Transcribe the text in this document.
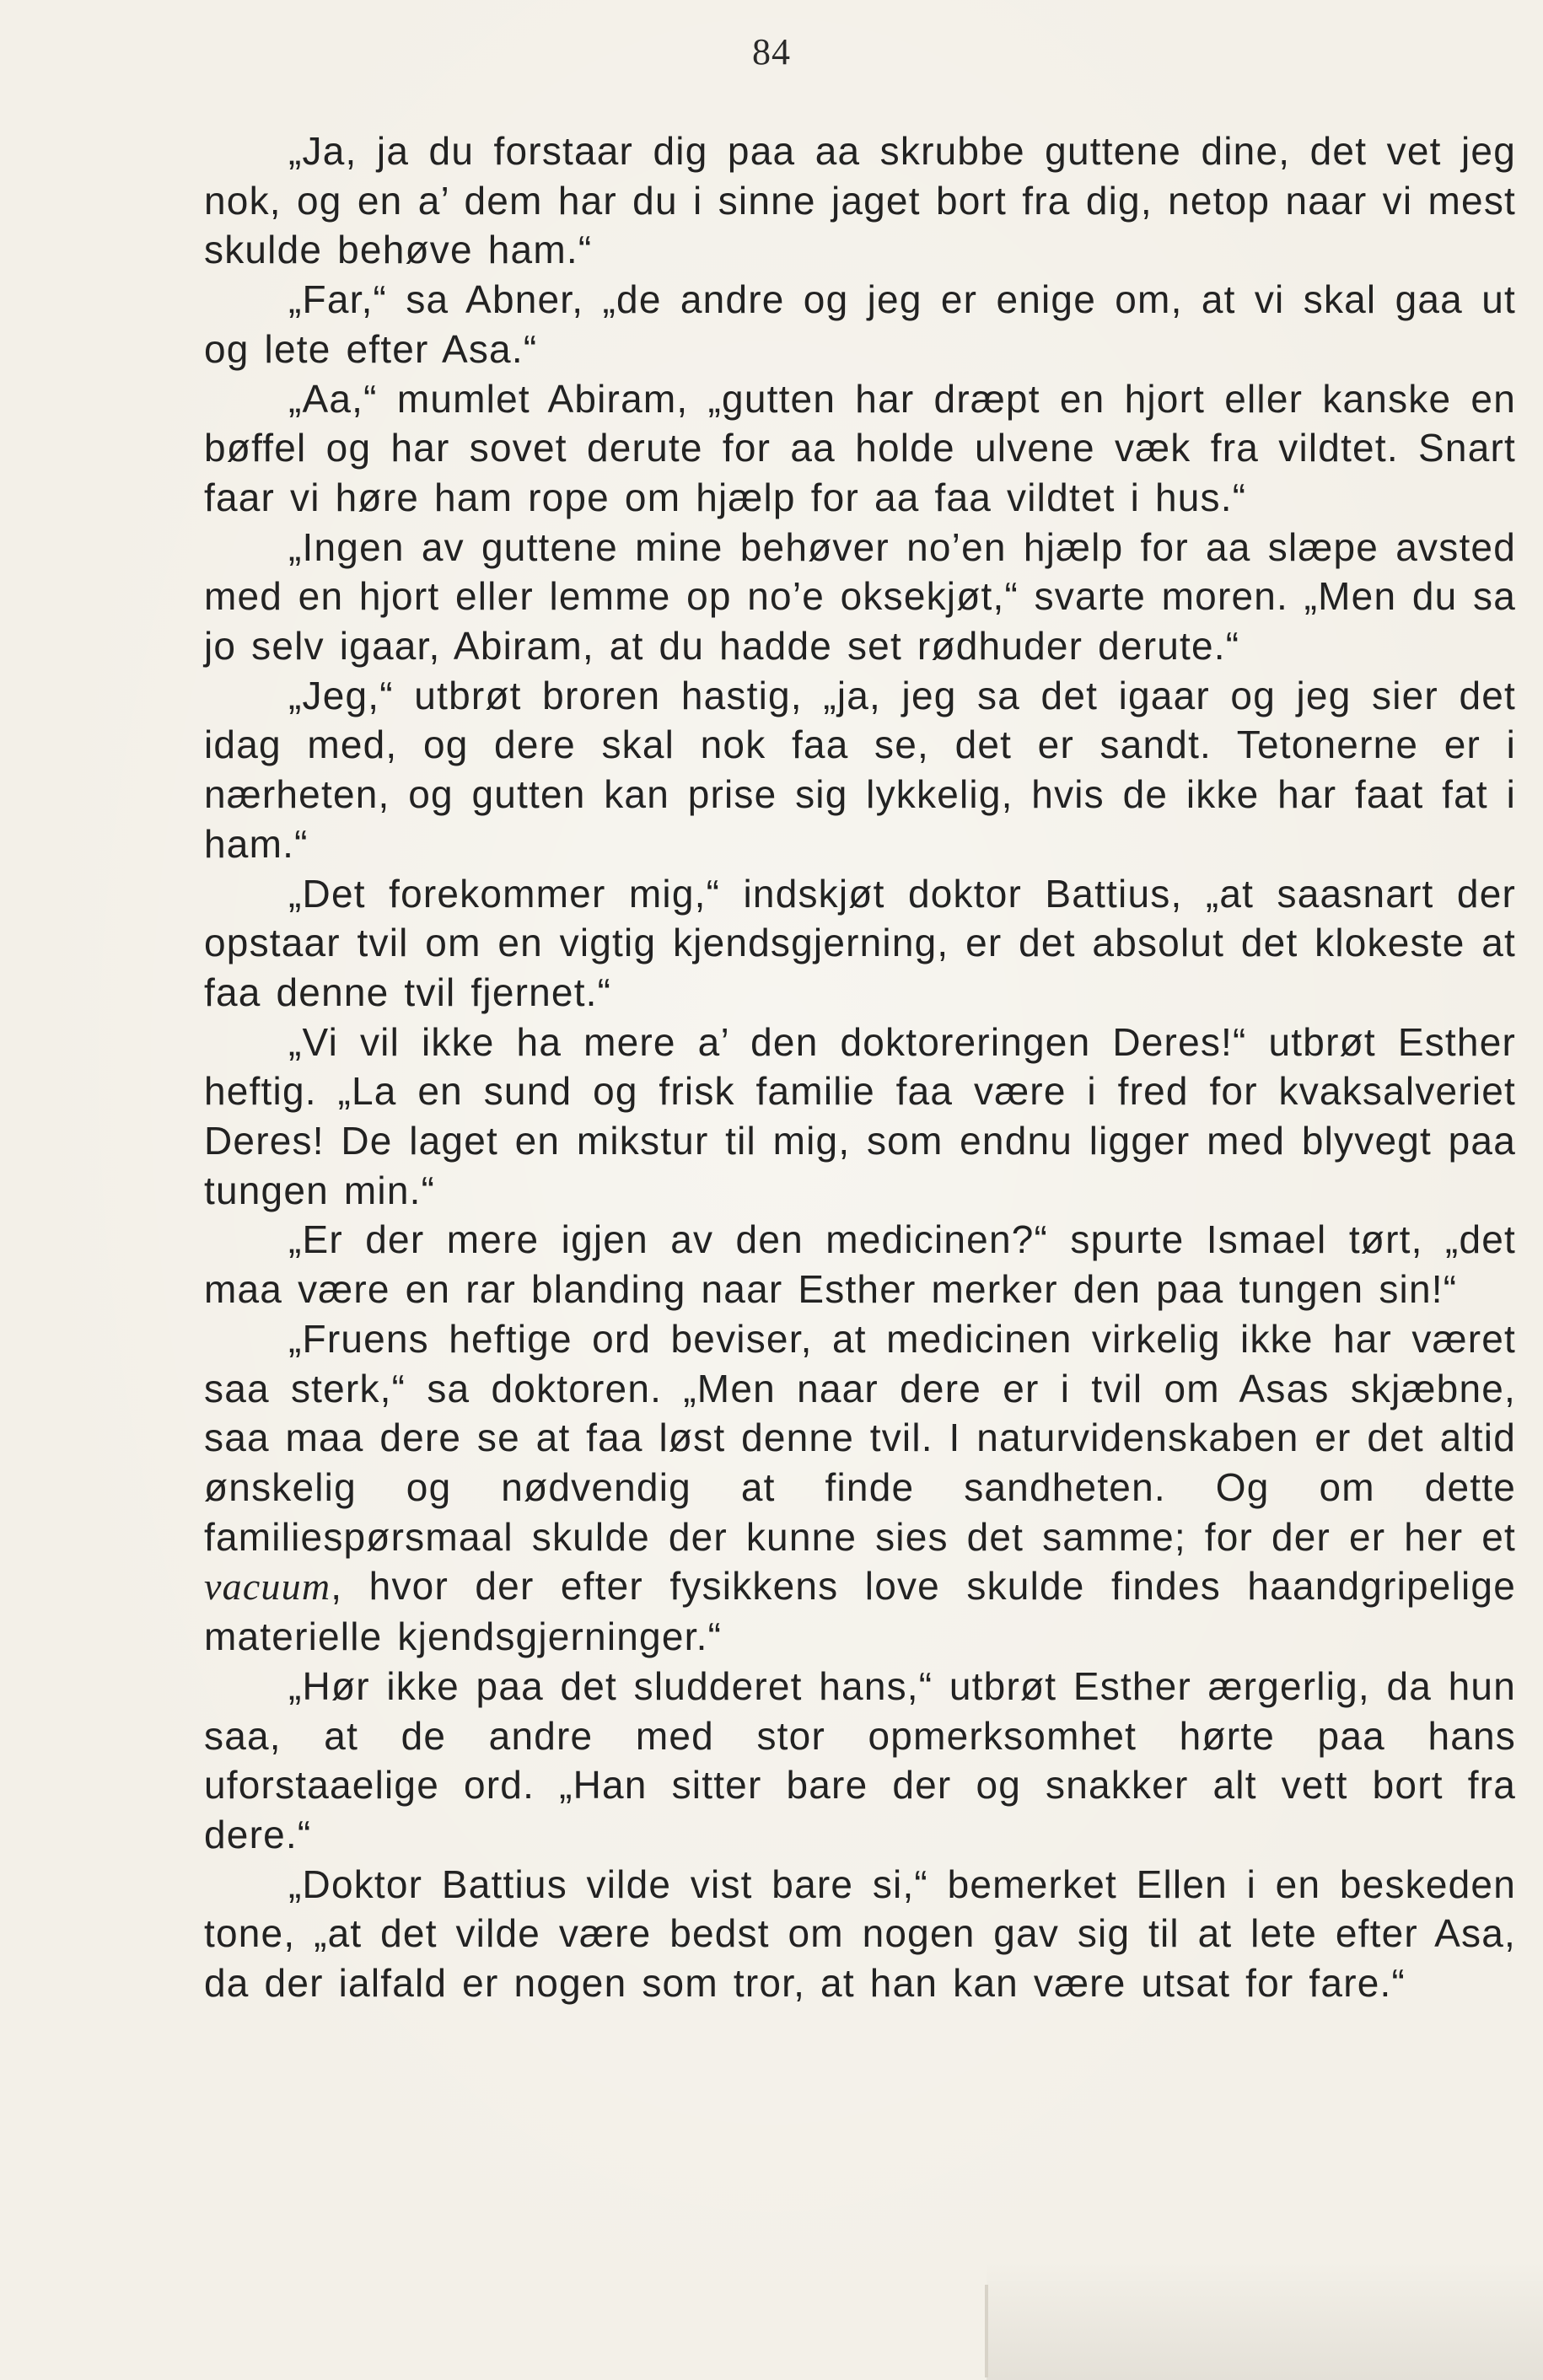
84

„Ja, ja du forstaar dig paa aa skrubbe guttene dine, det vet jeg nok, og en a’ dem har du i sinne jaget bort fra dig, netop naar vi mest skulde behøve ham.“

„Far,“ sa Abner, „de andre og jeg er enige om, at vi skal gaa ut og lete efter Asa.“

„Aa,“ mumlet Abiram, „gutten har dræpt en hjort eller kanske en bøffel og har sovet derute for aa holde ulvene væk fra vildtet. Snart faar vi høre ham rope om hjælp for aa faa vildtet i hus.“

„Ingen av guttene mine behøver no’en hjælp for aa slæpe avsted med en hjort eller lemme op no’e oksekjøt,“ svarte moren. „Men du sa jo selv igaar, Abiram, at du hadde set rødhuder derute.“

„Jeg,“ utbrøt broren hastig, „ja, jeg sa det igaar og jeg sier det idag med, og dere skal nok faa se, det er sandt. Tetonerne er i nærheten, og gutten kan prise sig lykkelig, hvis de ikke har faat fat i ham.“

„Det forekommer mig,“ indskjøt doktor Battius, „at saasnart der opstaar tvil om en vigtig kjendsgjerning, er det absolut det klokeste at faa denne tvil fjernet.“

„Vi vil ikke ha mere a’ den doktoreringen Deres!“ utbrøt Esther heftig. „La en sund og frisk familie faa være i fred for kvaksalveriet Deres! De laget en mikstur til mig, som endnu ligger med blyvegt paa tungen min.“

„Er der mere igjen av den medicinen?“ spurte Ismael tørt, „det maa være en rar blanding naar Esther merker den paa tungen sin!“

„Fruens heftige ord beviser, at medicinen virkelig ikke har været saa sterk,“ sa doktoren. „Men naar dere er i tvil om Asas skjæbne, saa maa dere se at faa løst denne tvil. I naturvidenskaben er det altid ønskelig og nødvendig at finde sandheten. Og om dette familiespørsmaal skulde der kunne sies det samme; for der er her et vacuum, hvor der efter fysikkens love skulde findes haandgripelige materielle kjendsgjerninger.“

„Hør ikke paa det sludderet hans,“ utbrøt Esther ærgerlig, da hun saa, at de andre med stor opmerksomhet hørte paa hans uforstaaelige ord. „Han sitter bare der og snakker alt vett bort fra dere.“

„Doktor Battius vilde vist bare si,“ bemerket Ellen i en beskeden tone, „at det vilde være bedst om nogen gav sig til at lete efter Asa, da der ialfald er nogen som tror, at han kan være utsat for fare.“
